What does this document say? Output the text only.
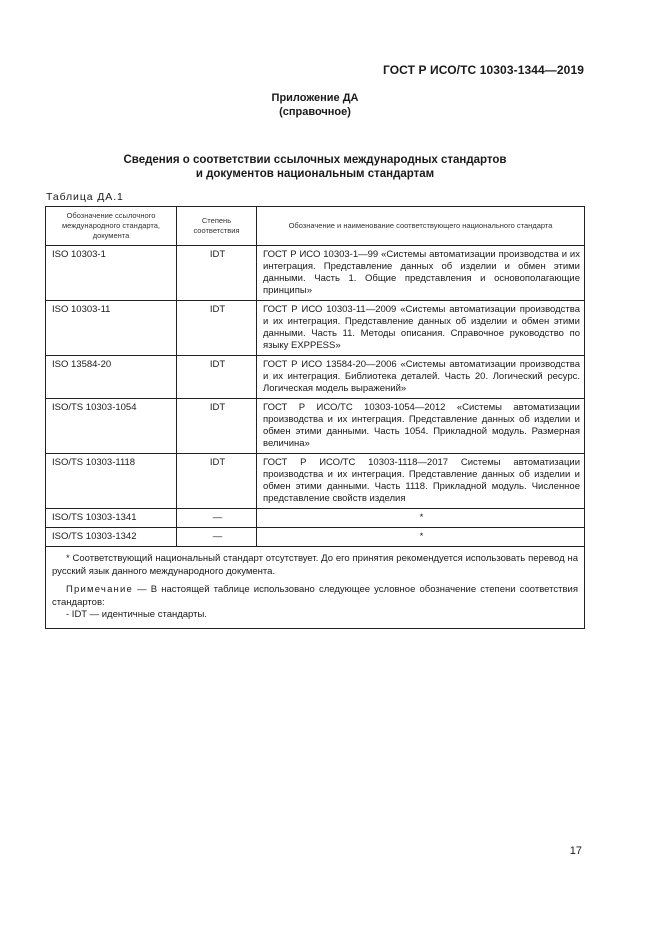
ГОСТ Р ИСО/ТС 10303-1344—2019
Приложение ДА
(справочное)
Сведения о соответствии ссылочных международных стандартов
и документов национальным стандартам
Таблица ДА.1
Обозначение ссылочного международного стандарта, документа	Степень соответствия	Обозначение и наименование соответствующего национального стандарта
ISO 10303-1	IDT	ГОСТ Р ИСО 10303-1—99 «Системы автоматизации производства и их интеграция. Представление данных об изделии и обмен этими данными. Часть 1. Общие представления и основополагающие принципы»
ISO 10303-11	IDT	ГОСТ Р ИСО 10303-11—2009 «Системы автоматизации производства и их интеграция. Представление данных об изделии и обмен этими данными. Часть 11. Методы описания. Справочное руководство по языку EXPPESS»
ISO 13584-20	IDT	ГОСТ Р ИСО 13584-20—2006 «Системы автоматизации производства и их интеграция. Библиотека деталей. Часть 20. Логический ресурс. Логическая модель выражений»
ISO/TS 10303-1054	IDT	ГОСТ Р ИСО/ТС 10303-1054—2012 «Системы автоматизации производства и их интеграция. Представление данных об изделии и обмен этими данными. Часть 1054. Прикладной модуль. Размерная величина»
ISO/TS 10303-1118	IDT	ГОСТ Р ИСО/ТС 10303-1118—2017 Системы автоматизации производства и их интеграция. Представление данных об изделии и обмен этими данными. Часть 1118. Прикладной модуль. Численное представление свойств изделия
ISO/TS 10303-1341	—	*
ISO/TS 10303-1342	—	*

* Соответствующий национальный стандарт отсутствует. До его принятия рекомендуется использовать перевод на русский язык данного международного документа.

Примечание — В настоящей таблице использовано следующее условное обозначение степени соответствия стандартов:

- IDT — идентичные стандарты.		

17
